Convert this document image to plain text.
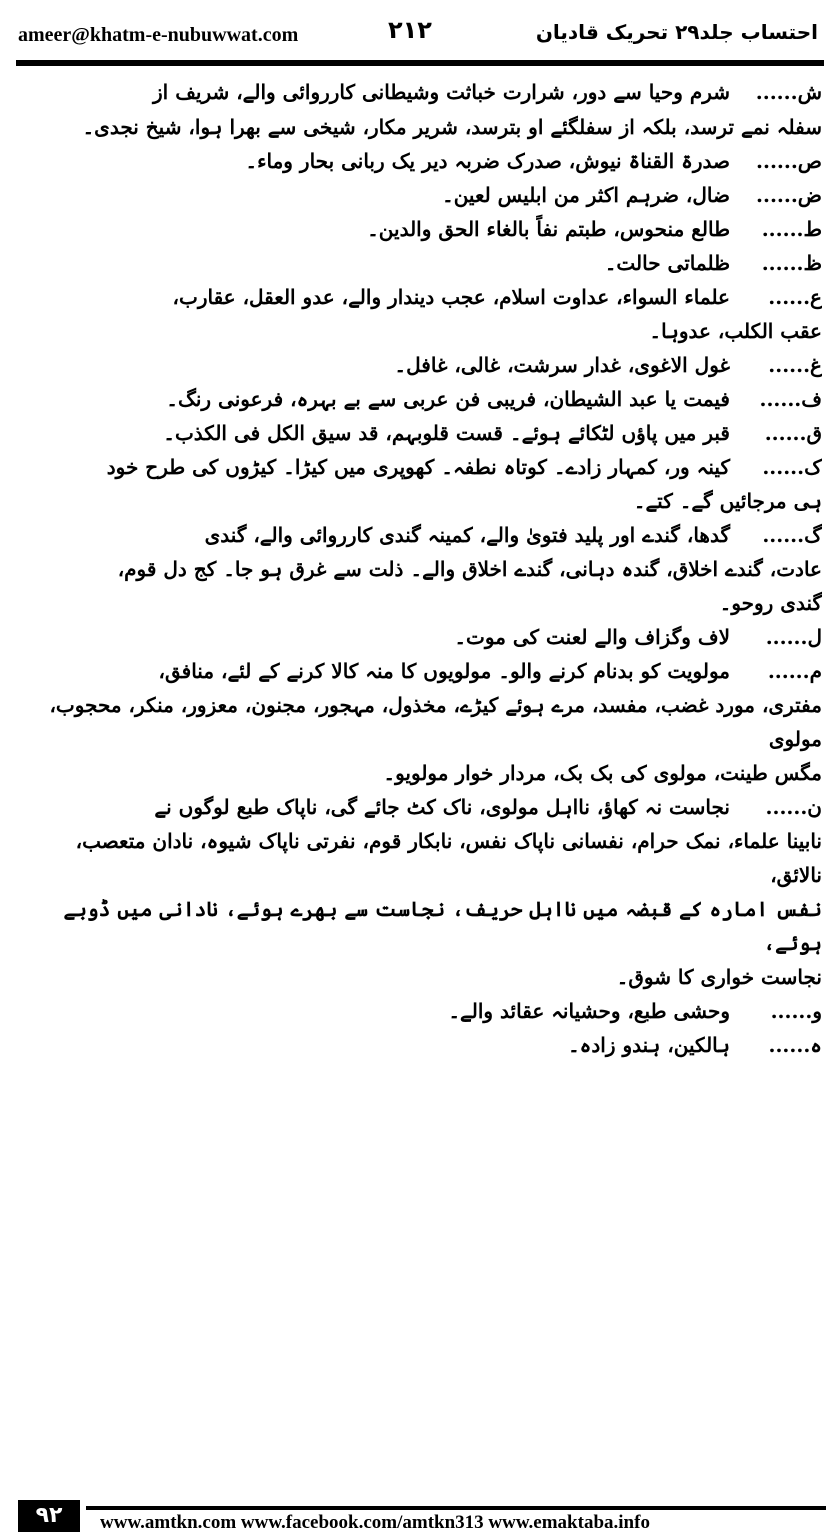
ameer@khatm-e-nubuwwat.com	۲۱۲	احتساب جلد۲۹ تحریک قادیان
ش......
شرم وحیا سے دور، شرارت خباثت وشیطانی کارروائی والے، شریف از
سفلہ نمے ترسد، بلکہ از سفلگئے او بترسد، شریر مکار، شیخی سے بھرا ہوا، شیخ نجدی۔
ص......
صدرۃ القناۃ نیوش، صدرک ضربہ دیر یک ربانی بحار وماء۔
ض......
ضال، ضرہم اکثر من ابلیس لعین۔
ط......
طالع منحوس، طبتم نفاً بالغاء الحق والدین۔
ظ......
ظلماتی حالت۔
ع......
علماء السواء، عداوت اسلام، عجب دیندار والے، عدو العقل، عقارب،
عقب الکلب، عدوہا۔
غ......
غول الاغوی، غدار سرشت، غالی، غافل۔
ف......
فیمت یا عبد الشیطان، فریبی فن عربی سے بے بہرہ، فرعونی رنگ۔
ق......
قبر میں پاؤں لٹکائے ہوئے۔ قست قلوبہم، قد سیق الکل فی الکذب۔
ک......
کینہ ور، کمہار زادے۔ کوتاہ نطفہ۔ کھوپری میں کیڑا۔ کیڑوں کی طرح خود
ہی مرجائیں گے۔ کتے۔
گ......
گدھا، گندے اور پلید فتویٰ والے، کمینہ گندی کارروائی والے، گندی
عادت، گندے اخلاق، گندہ دہانی، گندے اخلاق والے۔ ذلت سے غرق ہو جا۔ کج دل قوم،
گندی روحو۔
ل......
لاف وگزاف والے لعنت کی موت۔
م......
مولویت کو بدنام کرنے والو۔ مولویوں کا منہ کالا کرنے کے لئے، منافق،
مفتری، مورد غضب، مفسد، مرے ہوئے کیڑے، مخذول، مہجور، مجنون، معزور، منکر، محجوب، مولوی
مگس طینت، مولوی کی بک بک، مردار خوار مولویو۔
ن......
نجاست نہ کھاؤ، نااہل مولوی، ناک کٹ جائے گی، ناپاک طبع لوگوں نے
نابینا علماء، نمک حرام، نفسانی ناپاک نفس، نابکار قوم، نفرتی ناپاک شیوہ، نادان متعصب، نالائق،
نفس امارہ کے قبضہ میں نااہل حریف، نجاست سے بھرے ہوئے، نادانی میں ڈوبے ہوئے،
نجاست خواری کا شوق۔
و......
وحشی طبع، وحشیانہ عقائد والے۔
ہ......
ہالکین، ہندو زادہ۔
۹۲	www.amtkn.com www.facebook.com/amtkn313 www.emaktaba.info
